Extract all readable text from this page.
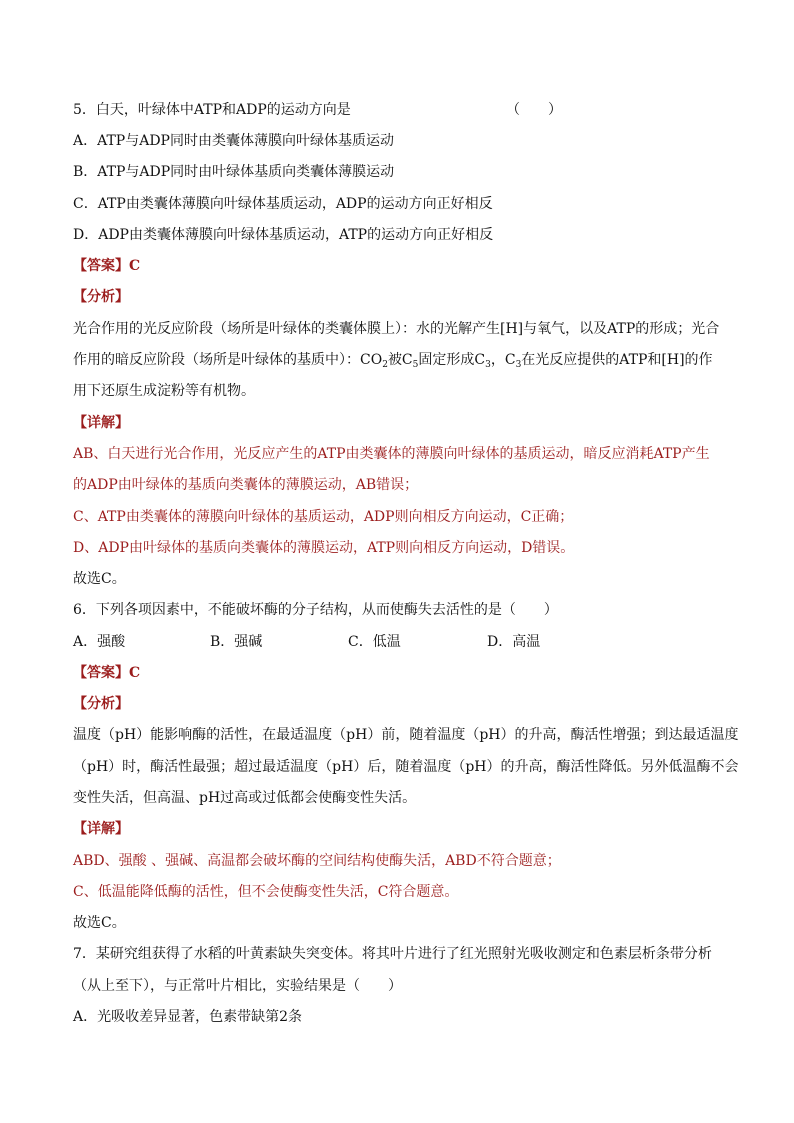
5．白天，叶绿体中ATP和ADP的运动方向是	（　　）
A．ATP与ADP同时由类囊体薄膜向叶绿体基质运动
B．ATP与ADP同时由叶绿体基质向类囊体薄膜运动
C．ATP由类囊体薄膜向叶绿体基质运动，ADP的运动方向正好相反
D．ADP由类囊体薄膜向叶绿体基质运动，ATP的运动方向正好相反
【答案】C
【分析】
光合作用的光反应阶段（场所是叶绿体的类囊体膜上）：水的光解产生[H]与氧气，以及ATP的形成；光合
作用的暗反应阶段（场所是叶绿体的基质中）：$CO_2$被$C_5$固定形成$C_3$，$C_3$在光反应提供的ATP和[H]的作
用下还原生成淀粉等有机物。
【详解】
AB、白天进行光合作用，光反应产生的ATP由类囊体的薄膜向叶绿体的基质运动，暗反应消耗ATP产生
的ADP由叶绿体的基质向类囊体的薄膜运动，AB错误；
C、ATP由类囊体的薄膜向叶绿体的基质运动，ADP则向相反方向运动，C正确；
D、ADP由叶绿体的基质向类囊体的薄膜运动，ATP则向相反方向运动，D错误。
故选C。
6．下列各项因素中，不能破坏酶的分子结构，从而使酶失去活性的是（　　）
A．强酸	B．强碱	C．低温	D．高温
【答案】C
【分析】
温度（pH）能影响酶的活性，在最适温度（pH）前，随着温度（pH）的升高，酶活性增强；到达最适温度
（pH）时，酶活性最强；超过最适温度（pH）后，随着温度（pH）的升高，酶活性降低。另外低温酶不会
变性失活，但高温、pH过高或过低都会使酶变性失活。
【详解】
ABD、强酸 、强碱、高温都会破坏酶的空间结构使酶失活，ABD不符合题意；
C、低温能降低酶的活性，但不会使酶变性失活，C符合题意。
故选C。
7．某研究组获得了水稻的叶黄素缺失突变体。将其叶片进行了红光照射光吸收测定和色素层析条带分析
（从上至下），与正常叶片相比，实验结果是（　　）
A．光吸收差异显著，色素带缺第2条
